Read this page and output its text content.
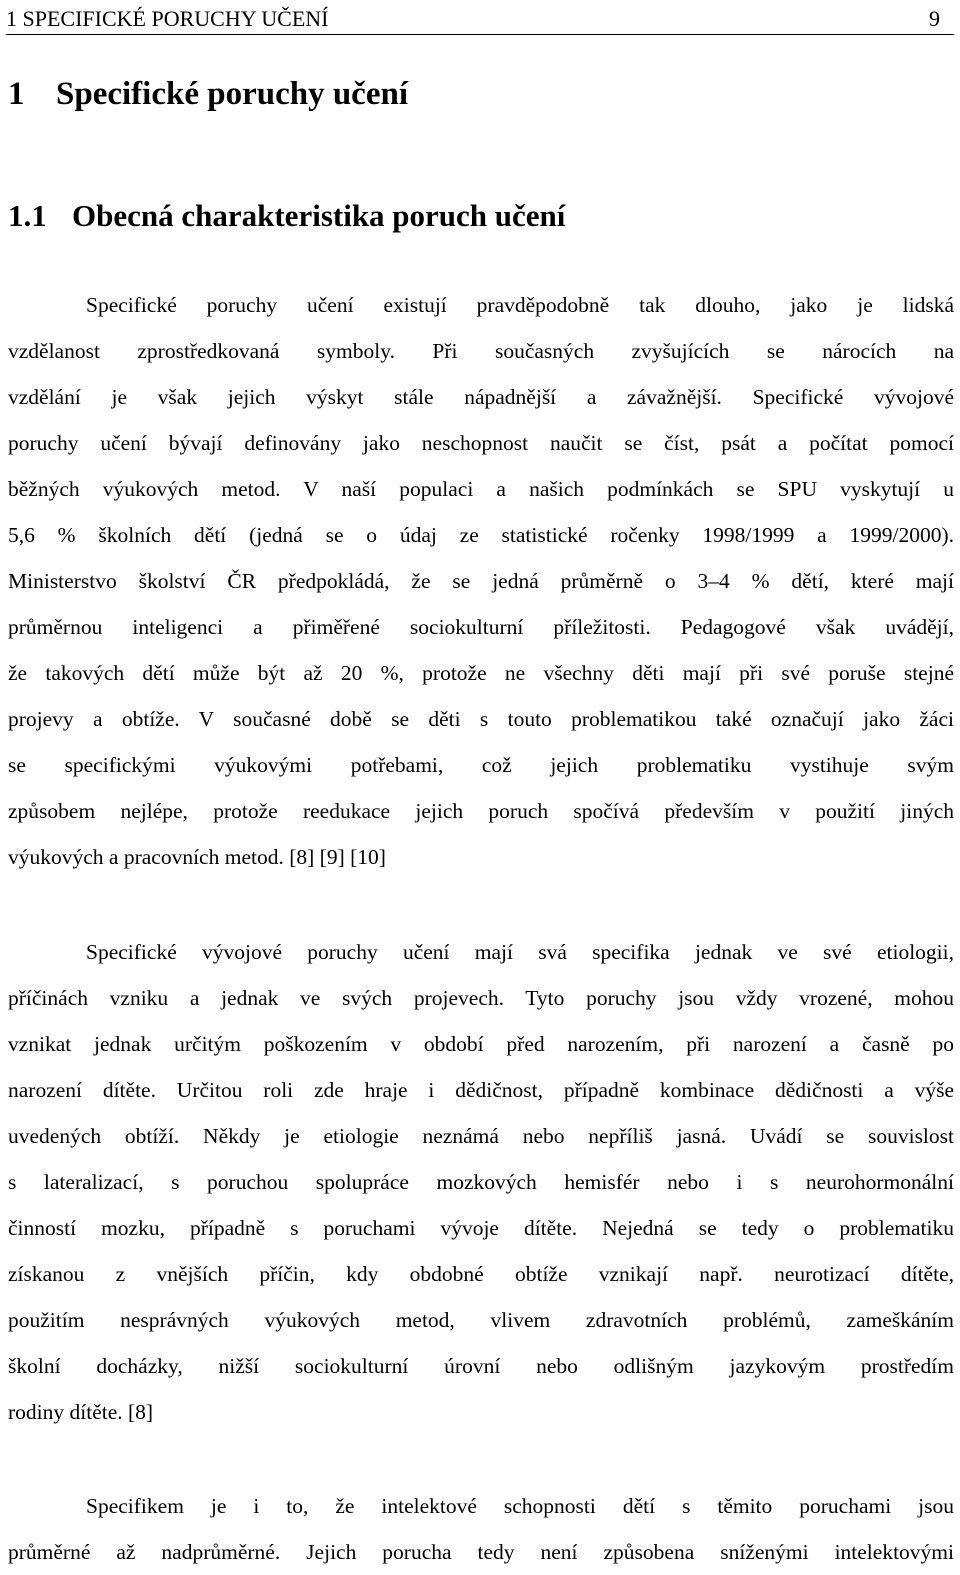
1 SPECIFICKÉ PORUCHY UČENÍ	9
1 Specifické poruchy učení
1.1 Obecná charakteristika poruch učení
Specifické poruchy učení existují pravděpodobně tak dlouho, jako je lidská
vzdělanost zprostředkovaná symboly. Při současných zvyšujících se nárocích na
vzdělání je však jejich výskyt stále nápadnější a závažnější. Specifické vývojové
poruchy učení bývají definovány jako neschopnost naučit se číst, psát a počítat pomocí
běžných výukových metod. V naší populaci a našich podmínkách se SPU vyskytují u
5,6 % školních dětí (jedná se o údaj ze statistické ročenky 1998/1999 a 1999/2000).
Ministerstvo školství ČR předpokládá, že se jedná průměrně o 3–4 % dětí, které mají
průměrnou inteligenci a přiměřené sociokulturní příležitosti. Pedagogové však uvádějí,
že takových dětí může být až 20 %, protože ne všechny děti mají při své poruše stejné
projevy a obtíže. V současné době se děti s touto problematikou také označují jako žáci
se specifickými výukovými potřebami, což jejich problematiku vystihuje svým
způsobem nejlépe, protože reedukace jejich poruch spočívá především v použití jiných
výukových a pracovních metod. [8] [9] [10]
Specifické vývojové poruchy učení mají svá specifika jednak ve své etiologii,
příčinách vzniku a jednak ve svých projevech. Tyto poruchy jsou vždy vrozené, mohou
vznikat jednak určitým poškozením v období před narozením, při narození a časně po
narození dítěte. Určitou roli zde hraje i dědičnost, případně kombinace dědičnosti a výše
uvedených obtíží. Někdy je etiologie neznámá nebo nepříliš jasná. Uvádí se souvislost
s lateralizací, s poruchou spolupráce mozkových hemisfér nebo i s neurohormonální
činností mozku, případně s poruchami vývoje dítěte. Nejedná se tedy o problematiku
získanou z vnějších příčin, kdy obdobné obtíže vznikají např. neurotizací dítěte,
použitím nesprávných výukových metod, vlivem zdravotních problémů, zameškáním
školní docházky, nižší sociokulturní úrovní nebo odlišným jazykovým prostředím
rodiny dítěte. [8]
Specifikem je i to, že intelektové schopnosti dětí s těmito poruchami jsou
průměrné až nadprůměrné. Jejich porucha tedy není způsobena sníženými intelektovými
